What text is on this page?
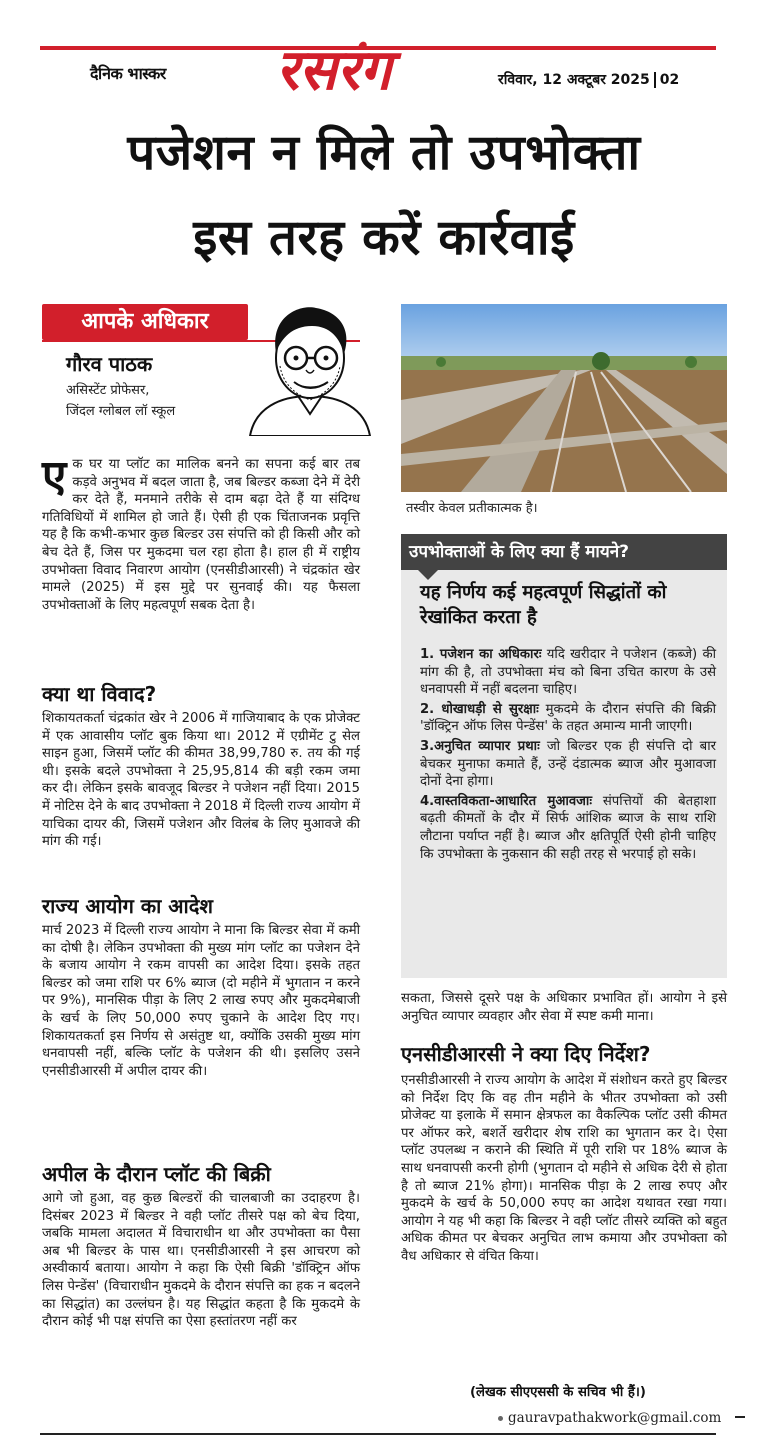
दैनिक भास्कर रसरंग	रविवार, 12 अक्टूबर 2025 02
पजेशन न मिले तो उपभोक्ता
इस तरह करें कार्रवाई
आपके अधिकार
गौरव पाठक
असिस्टेंट प्रोफेसर,
जिंदल ग्लोबल लॉ स्कूल
तस्वीर केवल प्रतीकात्मक है।
एक घर या प्लॉट का मालिक बनने का सपना कई बार तब कड़वे अनुभव में बदल जाता है, जब बिल्डर कब्जा देने में देरी कर देते हैं, मनमाने तरीके से दाम बढ़ा देते हैं या संदिग्ध गतिविधियों में शामिल हो जाते हैं। ऐसी ही एक चिंताजनक प्रवृत्ति यह है कि कभी-कभार कुछ बिल्डर उस संपत्ति को ही किसी और को बेच देते हैं, जिस पर मुकदमा चल रहा होता है। हाल ही में राष्ट्रीय उपभोक्ता विवाद निवारण आयोग (एनसीडीआरसी) ने चंद्रकांत खेर मामले (2025) में इस मुद्दे पर सुनवाई की। यह फैसला उपभोक्ताओं के लिए महत्वपूर्ण सबक देता है।
क्या था विवाद?
शिकायतकर्ता चंद्रकांत खेर ने 2006 में गाजियाबाद के एक प्रोजेक्ट में एक आवासीय प्लॉट बुक किया था। 2012 में एग्रीमेंट टु सेल साइन हुआ, जिसमें प्लॉट की कीमत 38,99,780 रु. तय की गई थी। इसके बदले उपभोक्ता ने 25,95,814 की बड़ी रकम जमा कर दी। लेकिन इसके बावजूद बिल्डर ने पजेशन नहीं दिया। 2015 में नोटिस देने के बाद उपभोक्ता ने 2018 में दिल्ली राज्य आयोग में याचिका दायर की, जिसमें पजेशन और विलंब के लिए मुआवजे की मांग की गई।
राज्य आयोग का आदेश
मार्च 2023 में दिल्ली राज्य आयोग ने माना कि बिल्डर सेवा में कमी का दोषी है। लेकिन उपभोक्ता की मुख्य मांग प्लॉट का पजेशन देने के बजाय आयोग ने रकम वापसी का आदेश दिया। इसके तहत बिल्डर को जमा राशि पर 6% ब्याज (दो महीने में भुगतान न करने पर 9%), मानसिक पीड़ा के लिए 2 लाख रुपए और मुकदमेबाजी के खर्च के लिए 50,000 रुपए चुकाने के आदेश दिए गए। शिकायतकर्ता इस निर्णय से असंतुष्ट था, क्योंकि उसकी मुख्य मांग धनवापसी नहीं, बल्कि प्लॉट के पजेशन की थी। इसलिए उसने एनसीडीआरसी में अपील दायर की।
अपील के दौरान प्लॉट की बिक्री
आगे जो हुआ, वह कुछ बिल्डरों की चालबाजी का उदाहरण है। दिसंबर 2023 में बिल्डर ने वही प्लॉट तीसरे पक्ष को बेच दिया, जबकि मामला अदालत में विचाराधीन था और उपभोक्ता का पैसा अब भी बिल्डर के पास था। एनसीडीआरसी ने इस आचरण को अस्वीकार्य बताया। आयोग ने कहा कि ऐसी बिक्री 'डॉक्ट्रिन ऑफ लिस पेन्डेंस' (विचाराधीन मुकदमे के दौरान संपत्ति का हक न बदलने का सिद्धांत) का उल्लंघन है। यह सिद्धांत कहता है कि मुकदमे के दौरान कोई भी पक्ष संपत्ति का ऐसा हस्तांतरण नहीं कर
उपभोक्ताओं के लिए क्या हैं मायने?
यह निर्णय कई महत्वपूर्ण सिद्धांतों को रेखांकित करता है

1. पजेशन का अधिकारः यदि खरीदार ने पजेशन (कब्जे) की मांग की है, तो उपभोक्ता मंच को बिना उचित कारण के उसे धनवापसी में नहीं बदलना चाहिए।

2. धोखाधड़ी से सुरक्षाः मुकदमे के दौरान संपत्ति की बिक्री 'डॉक्ट्रिन ऑफ लिस पेन्डेंस' के तहत अमान्य मानी जाएगी।

3.अनुचित व्यापार प्रथाः जो बिल्डर एक ही संपत्ति दो बार बेचकर मुनाफा कमाते हैं, उन्हें दंडात्मक ब्याज और मुआवजा दोनों देना होगा।

4.वास्तविकता-आधारित मुआवजाः संपत्तियों की बेतहाशा बढ़ती कीमतों के दौर में सिर्फ आंशिक ब्याज के साथ राशि लौटाना पर्याप्त नहीं है। ब्याज और क्षतिपूर्ति ऐसी होनी चाहिए कि उपभोक्ता के नुकसान की सही तरह से भरपाई हो सके।

सकता, जिससे दूसरे पक्ष के अधिकार प्रभावित हों। आयोग ने इसे अनुचित व्यापार व्यवहार और सेवा में स्पष्ट कमी माना।
एनसीडीआरसी ने क्या दिए निर्देश?
एनसीडीआरसी ने राज्य आयोग के आदेश में संशोधन करते हुए बिल्डर को निर्देश दिए कि वह तीन महीने के भीतर उपभोक्ता को उसी प्रोजेक्ट या इलाके में समान क्षेत्रफल का वैकल्पिक प्लॉट उसी कीमत पर ऑफर करे, बशर्ते खरीदार शेष राशि का भुगतान कर दे। ऐसा प्लॉट उपलब्ध न कराने की स्थिति में पूरी राशि पर 18% ब्याज के साथ धनवापसी करनी होगी (भुगतान दो महीने से अधिक देरी से होता है तो ब्याज 21% होगा)। मानसिक पीड़ा के 2 लाख रुपए और मुकदमे के खर्च के 50,000 रुपए का आदेश यथावत रखा गया। आयोग ने यह भी कहा कि बिल्डर ने वही प्लॉट तीसरे व्यक्ति को बहुत अधिक कीमत पर बेचकर अनुचित लाभ कमाया और उपभोक्ता को वैध अधिकार से वंचित किया।
(लेखक सीएएससी के सचिव भी हैं।)
gauravpathakwork@gmail.com
